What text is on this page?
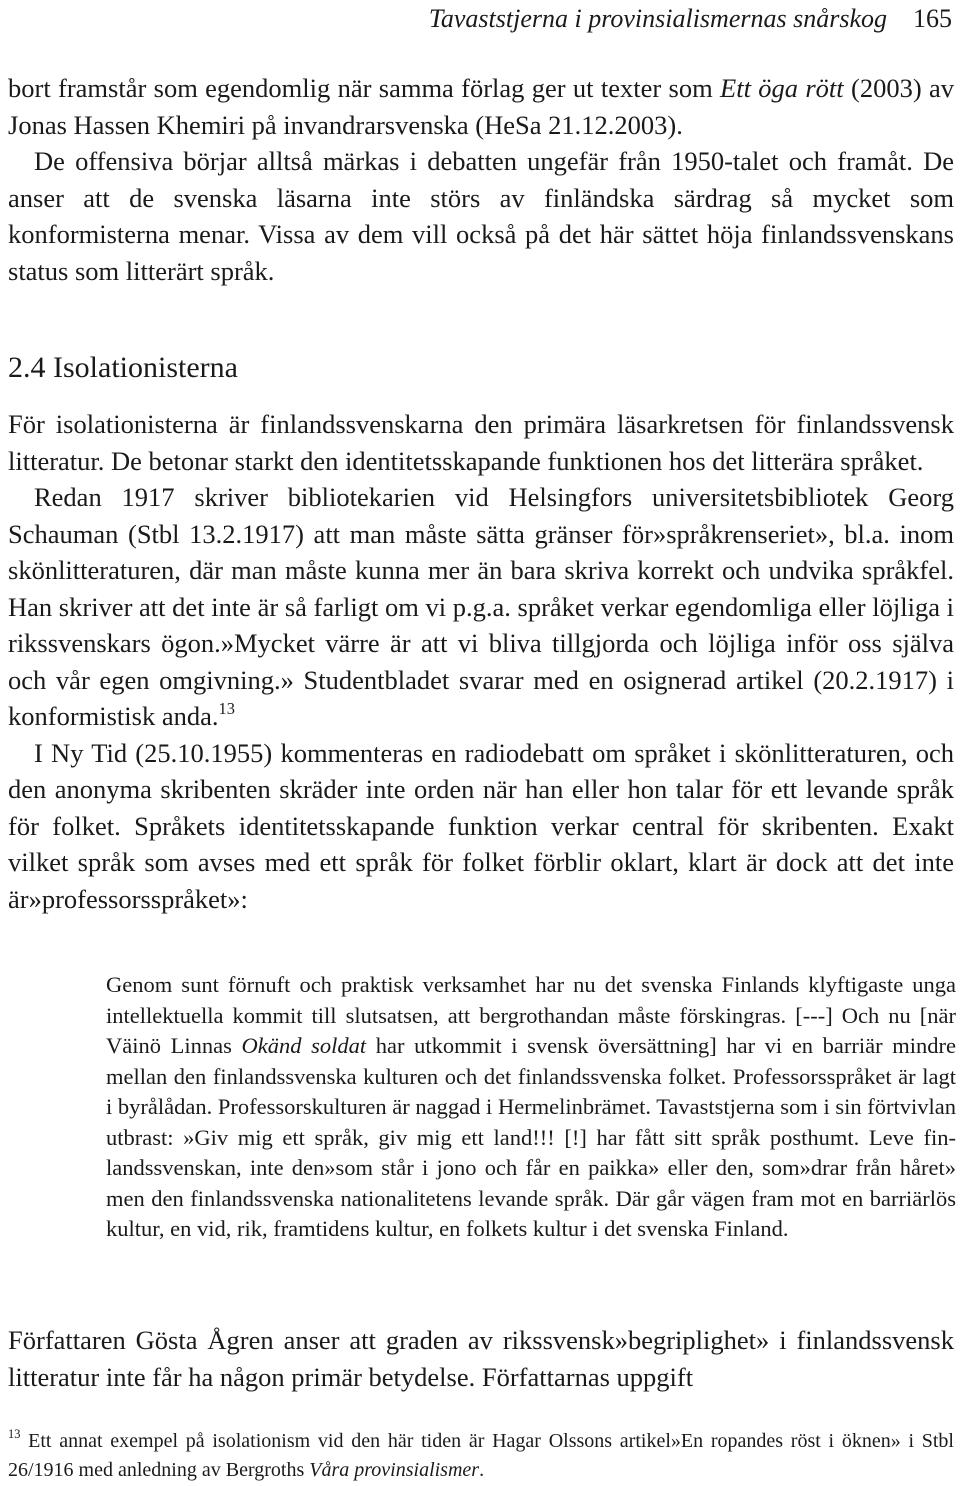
Tavaststjerna i provinsialismernas snårskog 165

bort framstår som egendomlig när samma förlag ger ut texter som Ett öga rött (2003) av Jonas Hassen Khemiri på invandrarsvenska (HeSa 21.12.2003).

De offensiva börjar alltså märkas i debatten ungefär från 1950-talet och framåt. De anser att de svenska läsarna inte störs av finländska särdrag så mycket som konformisterna menar. Vissa av dem vill också på det här sättet höja finlandssvenskans status som litterärt språk.

2.4 Isolationisterna

För isolationisterna är finlandssvenskarna den primära läsarkretsen för finlandssvensk litteratur. De betonar starkt den identitetsskapande funktionen hos det litterära språket.

Redan 1917 skriver bibliotekarien vid Helsingfors universitetsbibliotek Georg Schauman (Stbl 13.2.1917) att man måste sätta gränser för»språkrenseriet», bl.a. inom skönlitteraturen, där man måste kunna mer än bara skriva korrekt och undvika språkfel. Han skriver att det inte är så farligt om vi p.g.a. språket verkar egendomliga eller löjliga i rikssvenskars ögon.»Mycket värre är att vi bliva tillgjorda och löjliga inför oss själva och vår egen omgivning.» Studentbladet svarar med en osignerad artikel (20.2.1917) i konformistisk anda.$^{13}$

I Ny Tid (25.10.1955) kommenteras en radiodebatt om språket i skönlitteraturen, och den anonyma skribenten skräder inte orden när han eller hon talar för ett levande språk för folket. Språkets identitetsskapande funktion verkar central för skribenten. Exakt vilket språk som avses med ett språk för folket förblir oklart, klart är dock att det inte är»professorsspråket»:

Genom sunt förnuft och praktisk verksamhet har nu det svenska Finlands klyftigaste unga intellektuella kommit till slutsatsen, att bergrothandan måste förskingras. [---] Och nu [när Väinö Linnas Okänd soldat har utkommit i svensk översättning] har vi en barriär mindre mellan den finlandssvenska kulturen och det finlandssvenska folket. Professorsspråket är lagt i byrålådan. Professorskulturen är naggad i Hermelinbrämet. Tavaststjerna som i sin förtvivlan utbrast: »Giv mig ett språk, giv mig ett land!!! [!] har fått sitt språk posthumt. Leve finlandssvenskan, inte den»som står i jono och får en paikka» eller den, som»drar från håret» men den finlandssvenska nationalitetens levande språk. Där går vägen fram mot en barriärlös kultur, en vid, rik, framtidens kultur, en folkets kultur i det svenska Finland.

Författaren Gösta Ågren anser att graden av rikssvensk»begriplighet» i finlandssvensk litteratur inte får ha någon primär betydelse. Författarnas uppgift

$^{13}$ Ett annat exempel på isolationism vid den här tiden är Hagar Olssons artikel»En ropandes röst i öknen» i Stbl 26/1916 med anledning av Bergroths Våra provinsialismer.
